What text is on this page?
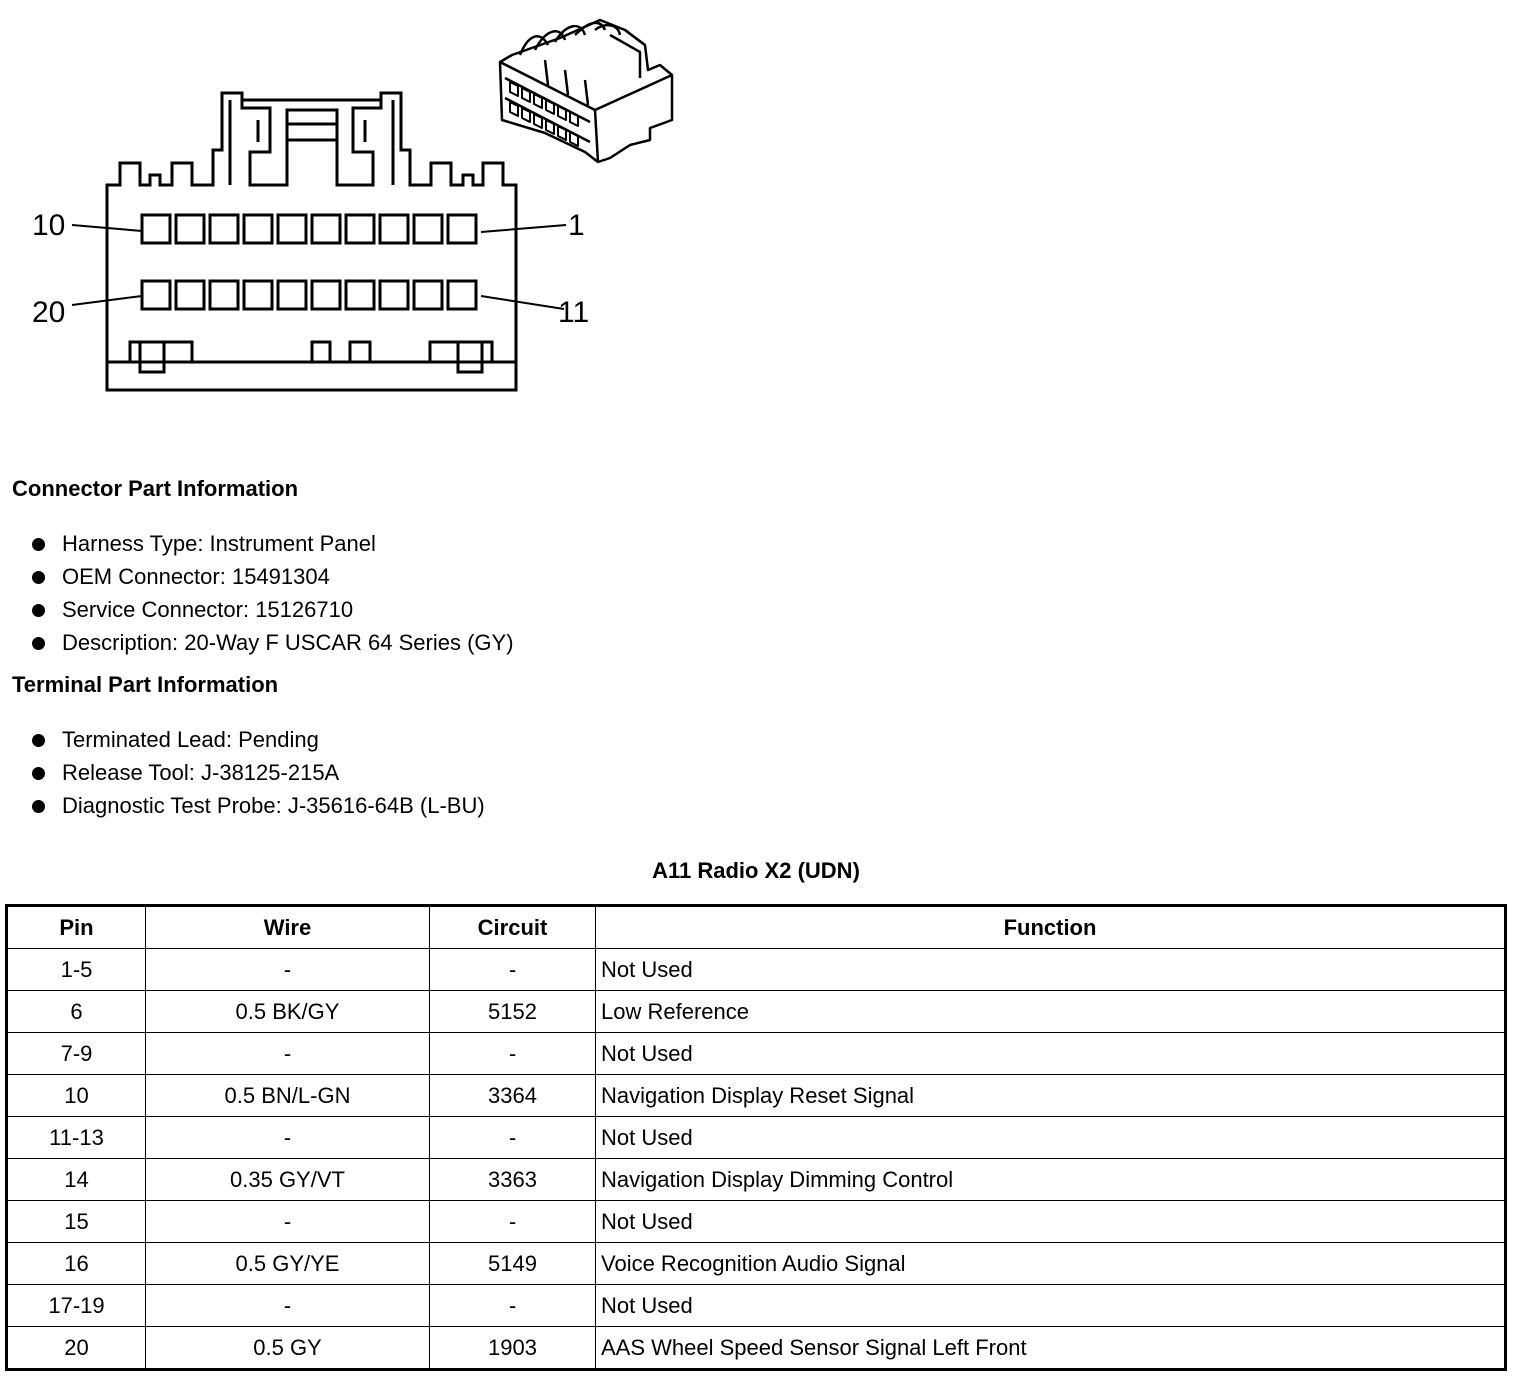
10	1
20	11
Connector Part Information
Harness Type: Instrument Panel
OEM Connector: 15491304
Service Connector: 15126710
Description: 20-Way F USCAR 64 Series (GY)
Terminal Part Information
Terminated Lead: Pending
Release Tool: J-38125-215A
Diagnostic Test Probe: J-35616-64B (L-BU)
A11 Radio X2 (UDN)
Pin	Wire	Circuit	Function
1-5	-	-	Not Used
6	0.5 BK/GY	5152	Low Reference
7-9	-	-	Not Used
10	0.5 BN/L-GN	3364	Navigation Display Reset Signal
11-13	-	-	Not Used
14	0.35 GY/VT	3363	Navigation Display Dimming Control
15	-	-	Not Used
16	0.5 GY/YE	5149	Voice Recognition Audio Signal
17-19	-	-	Not Used
20	0.5 GY	1903	AAS Wheel Speed Sensor Signal Left Front
